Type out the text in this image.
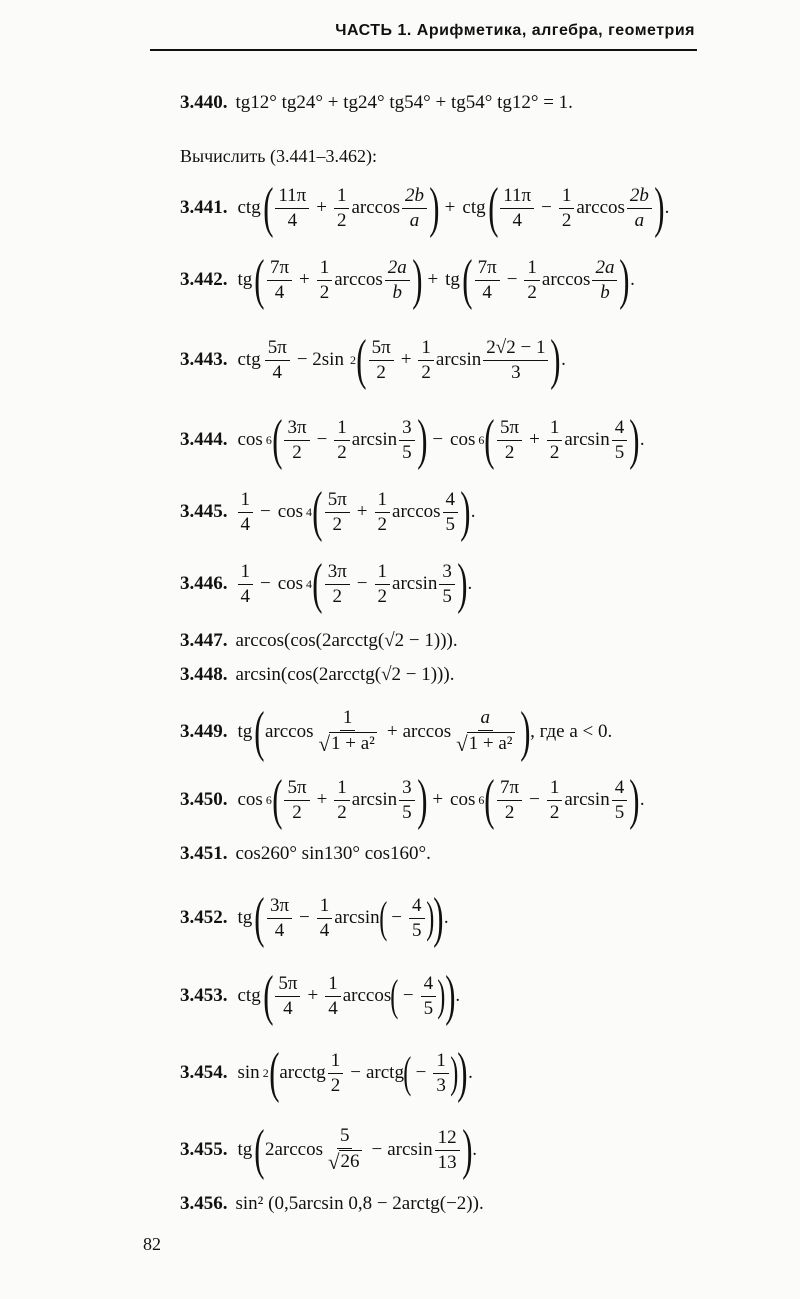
ЧАСТЬ 1. Арифметика, алгебра, геометрия
3.440. tg12° tg24° + tg24° tg54° + tg54° tg12° = 1.
Вычислить (3.441–3.462):
3.441. ctg ( $\frac{11\pi}{4} + \frac{1}{2}$ $\arccos \frac{2b}{a}$ ) + ctg ( $\frac{11\pi}{4} - \frac{1}{2}$ $\arccos \frac{2b}{a}$ ) .
3.442. tg ( $\frac{7\pi}{4} + \frac{1}{2}$ $\arccos \frac{2a}{b}$ ) + tg ( $\frac{7\pi}{4} - \frac{1}{2}$ $\arccos \frac{2a}{b}$ ) .
3.443. ctg $\frac{5\pi}{4} - 2\sin$ 2 ( $\frac{5\pi}{2} + \frac{1}{2}$ $\arcsin \frac{2√2 - 1}{3}$ ) .
3.444. cos 6 ( $\frac{3\pi}{2} - \frac{1}{2}$ $\arcsin \frac{3}{5}$ ) − cos 6 ( $\frac{5\pi}{2} + \frac{1}{2}$ $\arcsin \frac{4}{5}$ ) .
3.445. $\frac{1}{4} - \cos 4$ ( $\frac{5\pi}{2} + \frac{1}{2}$ $\arccos \frac{4}{5}$ ) .
3.446. $\frac{1}{4} - \cos 4$ ( $\frac{3\pi}{2} - \frac{1}{2}$ $\arcsin \frac{3}{5}$ ) .
3.447. arccos(cos(2arcctg(√2 − 1))).
3.448. arcsin(cos(2arcctg(√2 − 1))).
3.449. tg ( $\arccos \frac{1}{\text{√ 1 + a²}} + \arccos \frac{a}{\text{√ 1 + a²}}$ ) , где a < 0.
3.450. cos 6 ( $\frac{5\pi}{2} + \frac{1}{2}$ $\arcsin \frac{3}{5}$ ) + cos 6 ( $\frac{7\pi}{2} - \frac{1}{2}$ $\arcsin \frac{4}{5}$ ) .
3.451. cos260° sin130° cos160°.
3.452. tg ( $\frac{3\pi}{4} - \frac{1}{4}$ arcsin ( − $\frac{4}{5}$ ) ) .
3.453. ctg ( $\frac{5\pi}{4} + \frac{1}{4}$ arccos ( − $\frac{4}{5}$ ) ) .
3.454. sin 2 ( arcctg $\frac{1}{2}$ − arctg ( − $\frac{1}{3}$ ) ) .
3.455. tg ( $2\arccos \frac{5}{√ 26} - \arcsin \frac{12}{13}$ ) .
3.456. sin² (0,5arcsin 0,8 − 2arctg(−2)).
82
